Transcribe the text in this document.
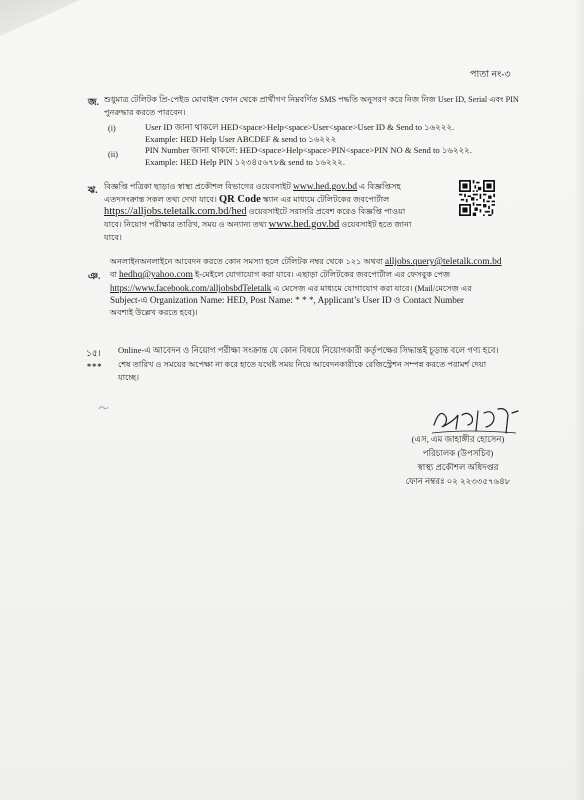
পাতা নং-৩
জ. শুধুমাত্র টেলিটক প্রি-পেইড মোবাইল ফোন থেকে প্রার্থীগণ নিম্নবর্ণিত SMS পদ্ধতি অনুসরণ করে নিজ নিজ User ID, Serial এবং PIN
পুনরুদ্ধার করতে পারবেন।
(i)	User ID জানা থাকলে HED<space>Help<space>User<space>User ID & Send to ১৬২২২.
Example: HED Help User ABCDEF & send to ১৬২২২
(ii)	PIN Number জানা থাকলে: HED<space>Help<space>PIN<space>PIN NO & Send to ১৬২২২.
Example: HED Help PIN ১২৩৪৫৬৭৮& send to ১৬২২২.
ঝ. বিজ্ঞপ্তি পত্রিকা ছাড়াও স্বাস্থ্য প্রকৌশল বিভাগের ওয়েবসাইট www.hed.gov.bd এ বিজ্ঞপ্তিসহ
এতদসংক্রান্ত সকল তথ্য দেখা যাবে। QR Code স্ক্যান এর মাধ্যমে টেলিটকের জবপোর্টাল
https://alljobs.teletalk.com.bd/hed ওয়েবসাইটে সরাসরি প্রবেশ করেও বিজ্ঞপ্তি পাওয়া
যাবে। নিয়োগ পরীক্ষার তারিখ, সময় ও অন্যান্য তথ্য www.hed.gov.bd ওয়েবসাইট হতে জানা
যাবে।
ঞ.
অনলাইনঅনলাইনে আবেদন করতে কোন সমস্যা হলে টেলিটক নম্বর থেকে ১২১ অথবা alljobs.query@teletalk.com.bd
বা hedhq@yahoo.com ই-মেইলে যোগাযোগ করা যাবে। এছাড়া টেলিটকের জবপোর্টাল এর ফেসবুক পেজ
https://www.facebook.com/alljobsbdTeletalk এ মেসেজ এর মাধ্যমে যোগাযোগ করা যাবে। (Mail/মেসেজ এর
Subject-এ Organization Name: HED, Post Name: * * *, Applicant’s User ID ও Contact Number
অবশ্যই উল্লেখ করতে হবে)।
১৫।
***
Online-এ আবেদন ও নিয়োগ পরীক্ষা সংক্রান্ত যে কোন বিষয়ে নিয়োগকারী কর্তৃপক্ষের সিদ্ধান্তই চূড়ান্ত বলে গণ্য হবে।
শেষ তারিখ ও সময়ের অপেক্ষা না করে হাতে যথেষ্ট সময় নিয়ে আবেদনকারীকে রেজিস্ট্রেশন সম্পন্ন করতে পরামর্শ দেয়া
যাচ্ছে।
(এস, এম জাহাঙ্গীর হোসেন)
পরিচালক (উপসচিব)
স্বাস্থ্য প্রকৌশল অধিদপ্তর
ফোন নম্বরঃ ০২ ২২৩৩৫৭৬৪৮
